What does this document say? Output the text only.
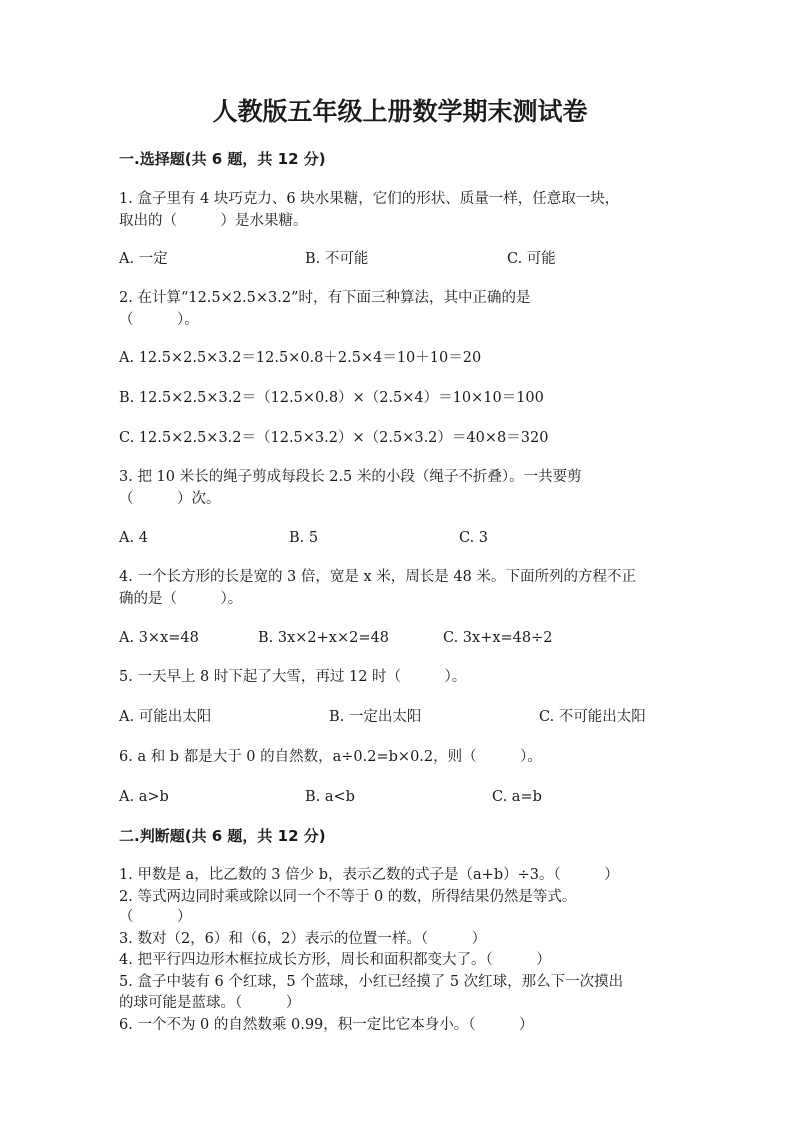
人教版五年级上册数学期末测试卷
一.选择题(共 6 题，共 12 分)
1. 盒子里有 4 块巧克力、6 块水果糖，它们的形状、质量一样，任意取一块，
取出的（　　　）是水果糖。
A. 一定	B. 不可能	C. 可能
2. 在计算“12.5×2.5×3.2”时，有下面三种算法，其中正确的是
（　　　）。
A. 12.5×2.5×3.2＝12.5×0.8＋2.5×4＝10＋10＝20
B. 12.5×2.5×3.2＝（12.5×0.8）×（2.5×4）＝10×10＝100
C. 12.5×2.5×3.2＝（12.5×3.2）×（2.5×3.2）＝40×8＝320
3. 把 10 米长的绳子剪成每段长 2.5 米的小段（绳子不折叠）。一共要剪
（　　　）次。
A. 4	B. 5	C. 3
4. 一个长方形的长是宽的 3 倍，宽是 x 米，周长是 48 米。下面所列的方程不正
确的是（　　　）。
A. 3×x=48	B. 3x×2+x×2=48	C. 3x+x=48÷2
5. 一天早上 8 时下起了大雪，再过 12 时（　　　）。
A. 可能出太阳	B. 一定出太阳	C. 不可能出太阳
6. a 和 b 都是大于 0 的自然数，a÷0.2=b×0.2，则（　　　）。
A. a>b	B. a<b	C. a=b
二.判断题(共 6 题，共 12 分)
1. 甲数是 a，比乙数的 3 倍少 b，表示乙数的式子是（a+b）÷3。（　　　）
2. 等式两边同时乘或除以同一个不等于 0 的数，所得结果仍然是等式。
（　　　）
3. 数对（2，6）和（6，2）表示的位置一样。（　　　）
4. 把平行四边形木框拉成长方形，周长和面积都变大了。（　　　）
5. 盒子中装有 6 个红球，5 个蓝球，小红已经摸了 5 次红球，那么下一次摸出
的球可能是蓝球。（　　　）
6. 一个不为 0 的自然数乘 0.99，积一定比它本身小。（　　　）
